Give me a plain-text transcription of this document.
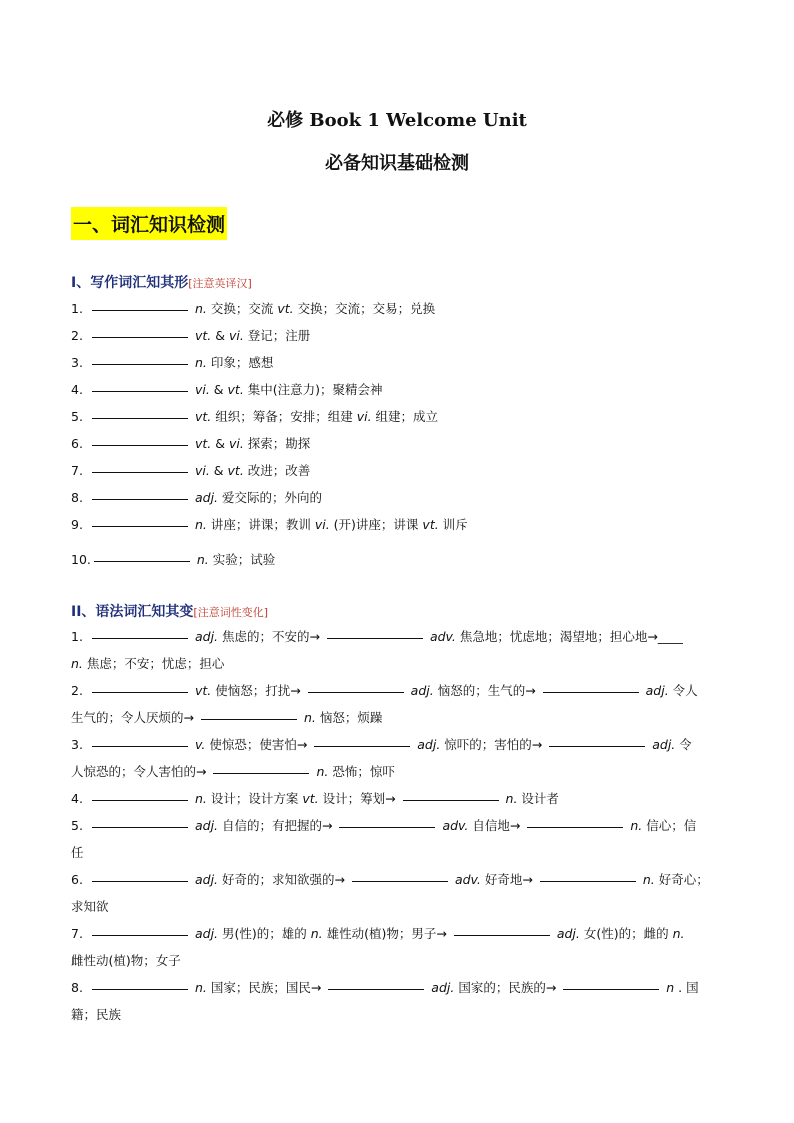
必修 Book 1 Welcome Unit
必备知识基础检测
一、词汇知识检测
I、写作词汇知其形[注意英译汉]
1.	n. 交换；交流 vt. 交换；交流；交易；兑换
2.	vt. & vi. 登记；注册
3.	n. 印象；感想
4.	vi. & vt. 集中(注意力)；聚精会神
5.	vt. 组织；筹备；安排；组建 vi. 组建；成立
6.	vt. & vi. 探索；勘探
7.	vi. & vt. 改进；改善
8.	adj. 爱交际的；外向的
9.	n. 讲座；讲课；教训 vi. (开)讲座；讲课 vt. 训斥
10.	n. 实验；试验
II、语法词汇知其变[注意词性变化]
1.	adj. 焦虑的；不安的→	adv. 焦急地；忧虑地；渴望地；担心地→____
n. 焦虑；不安；忧虑；担心
2.	vt. 使恼怒；打扰→	adj. 恼怒的；生气的→	adj. 令人
生气的；令人厌烦的→	n. 恼怒；烦躁
3.	v. 使惊恐；使害怕→	adj. 惊吓的；害怕的→	adj. 令
人惊恐的；令人害怕的→	n. 恐怖；惊吓
4.	n. 设计；设计方案 vt. 设计；筹划→	n. 设计者
5.	adj. 自信的；有把握的→	adv. 自信地→	n. 信心；信
任
6.	adj. 好奇的；求知欲强的→	adv. 好奇地→	n. 好奇心；
求知欲
7.	adj. 男(性)的；雄的 n. 雄性动(植)物；男子→	adj. 女(性)的；雌的 n.
雌性动(植)物；女子
8.	n. 国家；民族；国民→	adj. 国家的；民族的→	n . 国
籍；民族
